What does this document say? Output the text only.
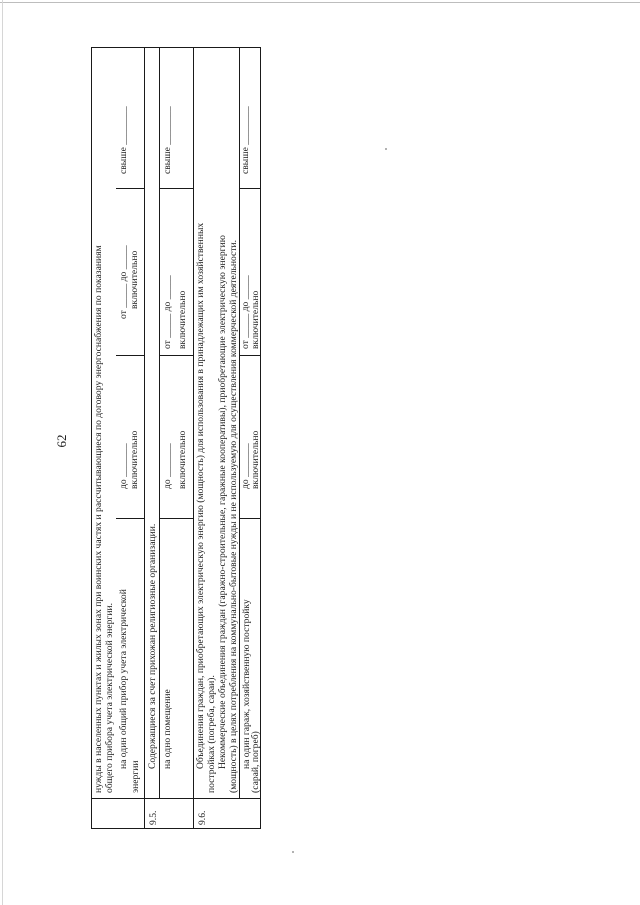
62	нужды в населенных пунктах и жилых зонах при воинских частях и рассчитывающиеся по договору энергоснабжения по показаниям общего прибора учета электрической энергии. на один общий прибор учета электрической
энергии
до _______ включительно
от _____ до _____ включительно
свыше ________
9.5.
Содержащиеся за счет прихожан религиозные организации. на одно помещение
до _______ включительно
от _____ до _____ включительно
свыше ________
9.6.
Объединения граждан, приобретающих электрическую энергию (мощность) для использования в принадлежащих им хозяйственных постройках (погреба, сараи). Некоммерческие объединения граждан (гаражно-строительные, гаражные кооперативы), приобретающие электрическую энергию (мощность) в целях потребления на коммунально-бытовые нужды и не используемую для осуществления коммерческой деятельности. на один гараж, хозяйственную постройку
(сарай, погреб)
до _______ включительно
от _____ до _____ включительно
свыше ________
